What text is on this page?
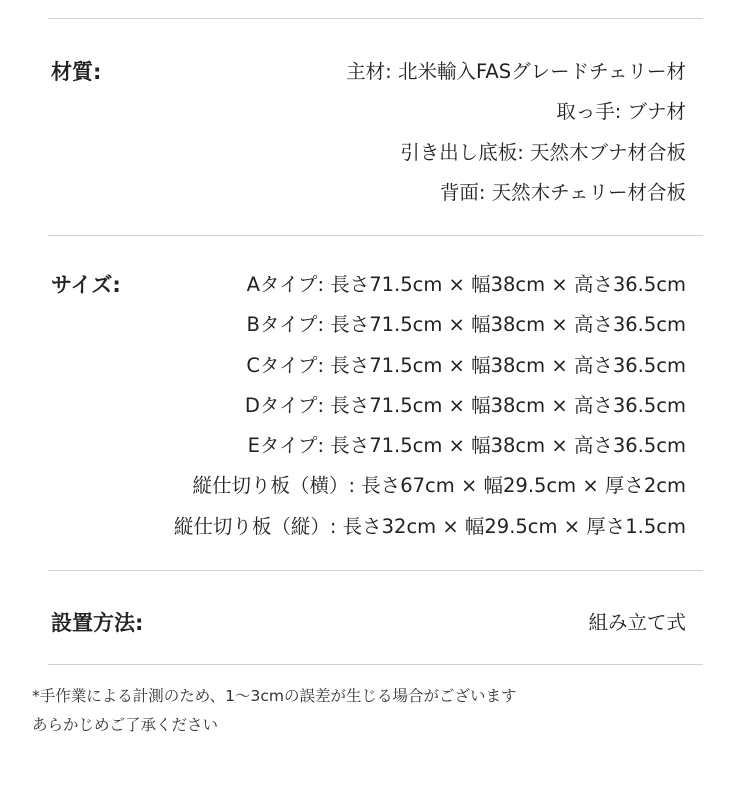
材質:	主材: 北米輸入FASグレードチェリー材
取っ手: ブナ材
引き出し底板: 天然木ブナ材合板
背面: 天然木チェリー材合板
サイズ:	Aタイプ: 長さ71.5cm × 幅38cm × 高さ36.5cm
Bタイプ: 長さ71.5cm × 幅38cm × 高さ36.5cm
Cタイプ: 長さ71.5cm × 幅38cm × 高さ36.5cm
Dタイプ: 長さ71.5cm × 幅38cm × 高さ36.5cm
Eタイプ: 長さ71.5cm × 幅38cm × 高さ36.5cm
縦仕切り板（横）: 長さ67cm × 幅29.5cm × 厚さ2cm
縦仕切り板（縦）: 長さ32cm × 幅29.5cm × 厚さ1.5cm
設置方法:	組み立て式
*手作業による計測のため、1～3cmの誤差が生じる場合がございます
あらかじめご了承ください
